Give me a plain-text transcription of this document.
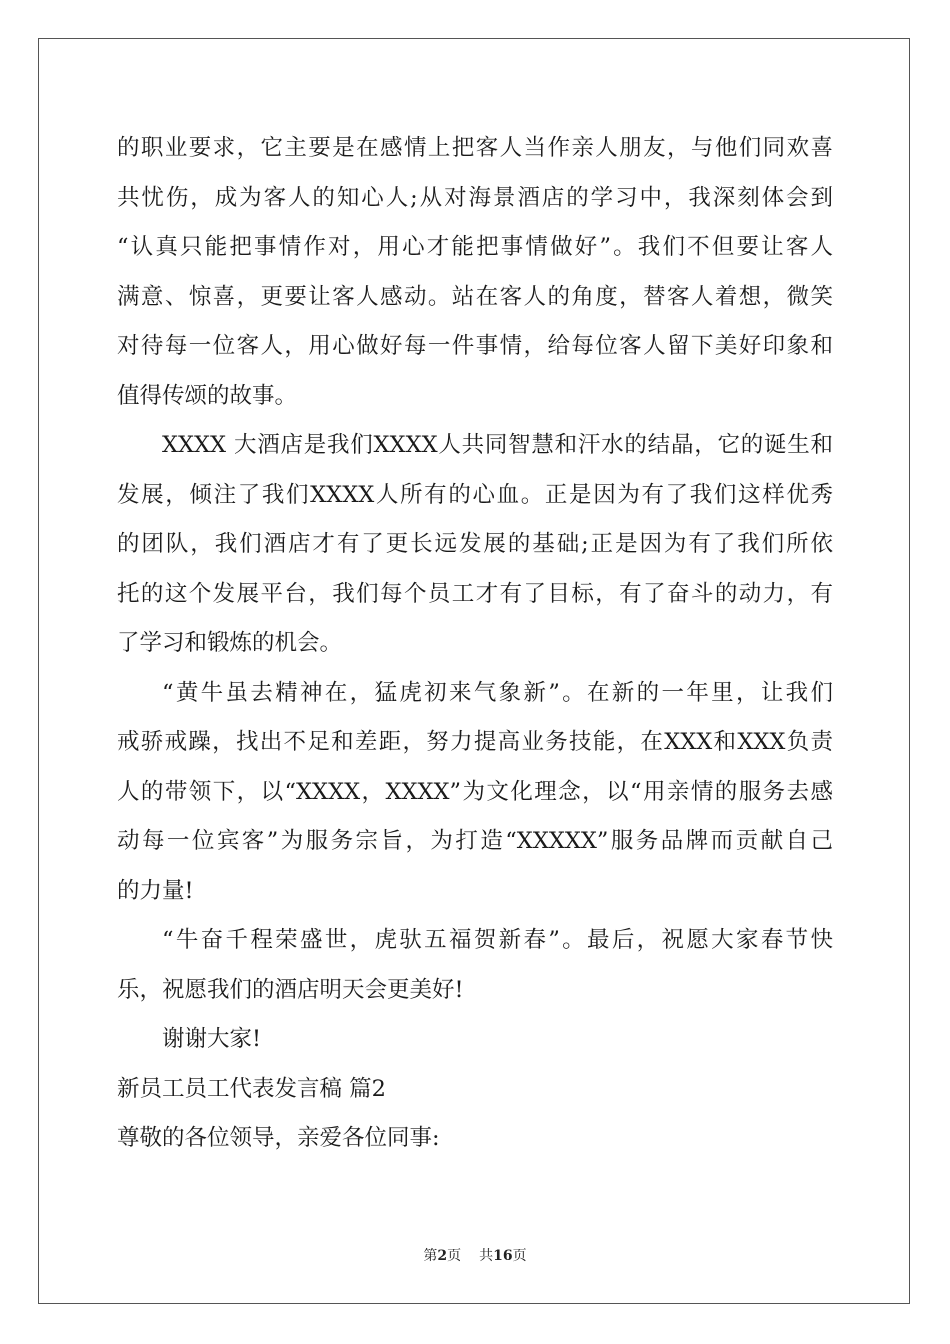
的职业要求，它主要是在感情上把客人当作亲人朋友，与他们同欢喜
共忧伤，成为客人的知心人;从对海景酒店的学习中，我深刻体会到
“认真只能把事情作对，用心才能把事情做好”。我们不但要让客人
满意、惊喜，更要让客人感动。站在客人的角度，替客人着想，微笑
对待每一位客人，用心做好每一件事情，给每位客人留下美好印象和
值得传颂的故事。
XXXX 大酒店是我们XXXX人共同智慧和汗水的结晶，它的诞生和
发展，倾注了我们XXXX人所有的心血。正是因为有了我们这样优秀
的团队，我们酒店才有了更长远发展的基础;正是因为有了我们所依
托的这个发展平台，我们每个员工才有了目标，有了奋斗的动力，有
了学习和锻炼的机会。
“黄牛虽去精神在，猛虎初来气象新”。在新的一年里，让我们
戒骄戒躁，找出不足和差距，努力提高业务技能，在XXX和XXX负责
人的带领下，以“XXXX，XXXX”为文化理念，以“用亲情的服务去感
动每一位宾客”为服务宗旨，为打造“XXXXX”服务品牌而贡献自己
的力量!
“牛奋千程荣盛世，虎驮五福贺新春”。最后，祝愿大家春节快
乐，祝愿我们的酒店明天会更美好!
谢谢大家!
新员工员工代表发言稿 篇2
尊敬的各位领导，亲爱各位同事:
第2页 共16页
